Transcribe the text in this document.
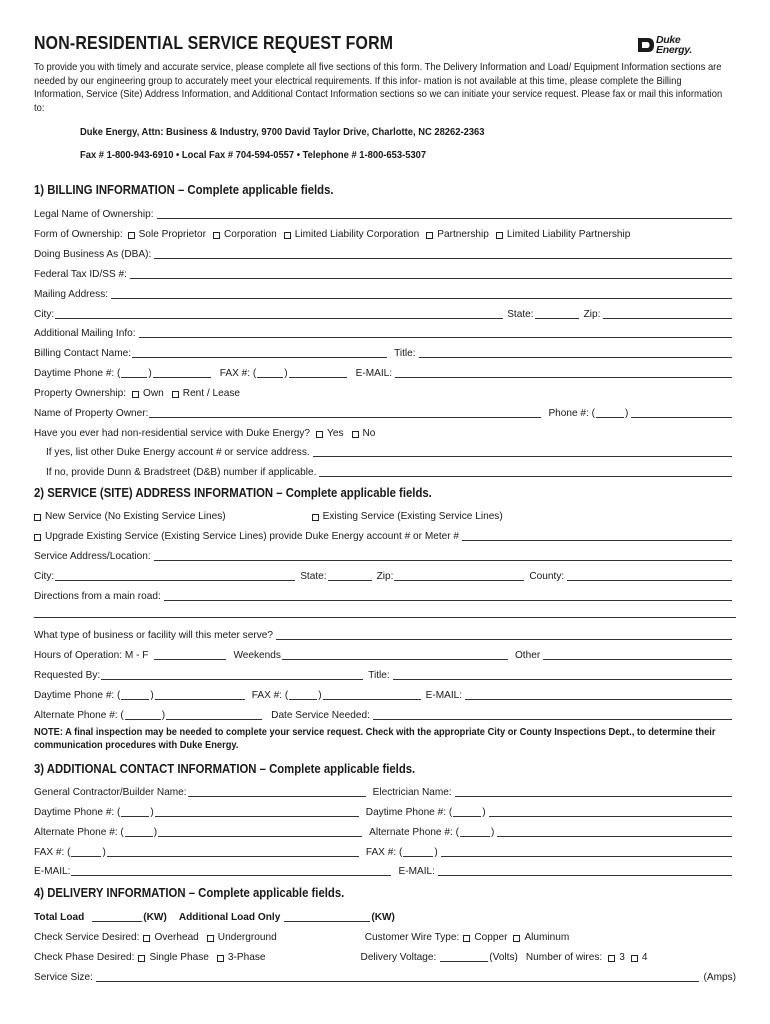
NON-RESIDENTIAL SERVICE REQUEST FORM	Duke
Energy.
To provide you with timely and accurate service, please complete all five sections of this form. The Delivery Information and Load/ Equipment Information sections are needed by our engineering group to accurately meet your electrical requirements. If this infor- mation is not available at this time, please complete the Billing Information, Service (Site) Address Information, and Additional Contact Information sections so we can initiate your service request. Please fax or mail this information to:
Duke Energy, Attn: Business & Industry, 9700 David Taylor Drive, Charlotte, NC 28262-2363
Fax # 1-800-943-6910 • Local Fax # 704-594-0557 • Telephone # 1-800-653-5307
1) BILLING INFORMATION – Complete applicable fields.
Legal Name of Ownership:
Form of Ownership: Sole Proprietor Corporation Limited Liability Corporation Partnership Limited Liability Partnership
Doing Business As (DBA):
Federal Tax ID/SS #:
Mailing Address:
City:	State:	Zip:
Additional Mailing Info:
Billing Contact Name:	Title:
Daytime Phone #: (	)	FAX #: (	)	E-MAIL:
Property Ownership: Own Rent / Lease
Name of Property Owner:	Phone #: (	)
Have you ever had non-residential service with Duke Energy? Yes No
If yes, list other Duke Energy account # or service address.
If no, provide Dunn & Bradstreet (D&B) number if applicable.
2) SERVICE (SITE) ADDRESS INFORMATION – Complete applicable fields.
New Service (No Existing Service Lines)	Existing Service (Existing Service Lines)
Upgrade Existing Service (Existing Service Lines) provide Duke Energy account # or Meter #
Service Address/Location:
City:	State:	Zip:	County:
Directions from a main road:
What type of business or facility will this meter serve?
Hours of Operation: M - F	Weekends	Other
Requested By:	Title:
Daytime Phone #: (	)	FAX #: (	)	E-MAIL:
Alternate Phone #: (	)	Date Service Needed:
NOTE: A final inspection may be needed to complete your service request. Check with the appropriate City or County Inspections Dept., to determine their communication procedures with Duke Energy.
3) ADDITIONAL CONTACT INFORMATION – Complete applicable fields.
General Contractor/Builder Name:	Electrician Name:
Daytime Phone #: (	)	Daytime Phone #: (	)
Alternate Phone #: (	)	Alternate Phone #: (	)
FAX #: (	)	FAX #: (	)
E-MAIL:	E-MAIL:
4) DELIVERY INFORMATION – Complete applicable fields.
Total Load	(KW) Additional Load Only	(KW)
Check Service Desired: Overhead Underground	Customer Wire Type: Copper Aluminum
Check Phase Desired: Single Phase 3-Phase	Delivery Voltage:	(Volts) Number of wires: 3 4
Service Size:	(Amps)
